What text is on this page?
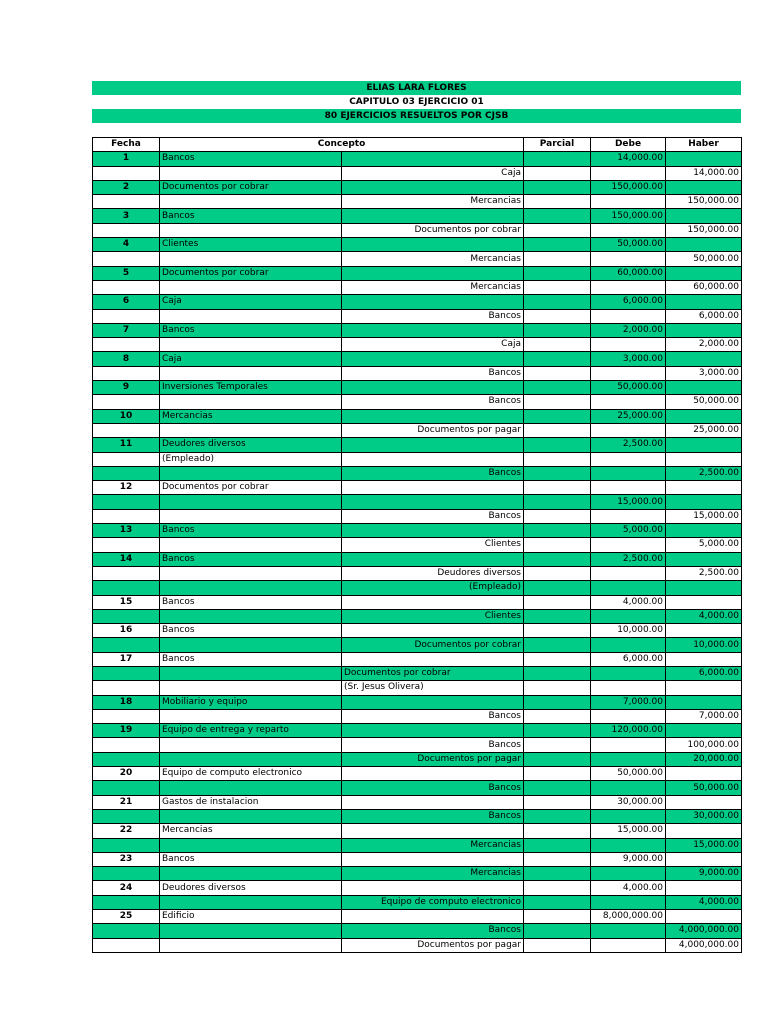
ELIAS LARA FLORES
CAPITULO 03 EJERCICIO 01
80 EJERCICIOS RESUELTOS POR CJSB
Fecha	Concepto		Parcial	Debe	Haber
1	Bancos			14,000.00	
		Caja			14,000.00
2	Documentos por cobrar			150,000.00	
		Mercancias			150,000.00
3	Bancos			150,000.00	
		Documentos por cobrar			150,000.00
4	Clientes			50,000.00	
		Mercancias			50,000.00
5	Documentos por cobrar			60,000.00	
		Mercancias			60,000.00
6	Caja			6,000.00	
		Bancos			6,000.00
7	Bancos			2,000.00	
		Caja			2,000.00
8	Caja			3,000.00	
		Bancos			3,000.00
9	Inversiones Temporales			50,000.00	
		Bancos			50,000.00
10	Mercancias			25,000.00	
		Documentos por pagar			25,000.00
11	Deudores diversos			2,500.00	
	(Empleado)				
		Bancos			2,500.00
12	Documentos por cobrar				
				15,000.00	
		Bancos			15,000.00
13	Bancos			5,000.00	
		Clientes			5,000.00
14	Bancos			2,500.00	
		Deudores diversos			2,500.00
		(Empleado)			
15	Bancos			4,000.00	
		Clientes			4,000.00
16	Bancos			10,000.00	
		Documentos por cobrar			10,000.00
17	Bancos			6,000.00	
		Documentos por cobrar			6,000.00
		(Sr. Jesus Olivera)			
18	Mobiliario y equipo			7,000.00	
		Bancos			7,000.00
19	Equipo de entrega y reparto			120,000.00	
		Bancos			100,000.00
		Documentos por pagar			20,000.00
20	Equipo de computo electronico			50,000.00	
		Bancos			50,000.00
21	Gastos de instalacion			30,000.00	
		Bancos			30,000.00
22	Mercancias			15,000.00	
		Mercancias			15,000.00
23	Bancos			9,000.00	
		Mercancias			9,000.00
24	Deudores diversos			4,000.00	
		Equipo de computo electronico			4,000.00
25	Edificio			8,000,000.00	
		Bancos			4,000,000.00
		Documentos por pagar			4,000,000.00
